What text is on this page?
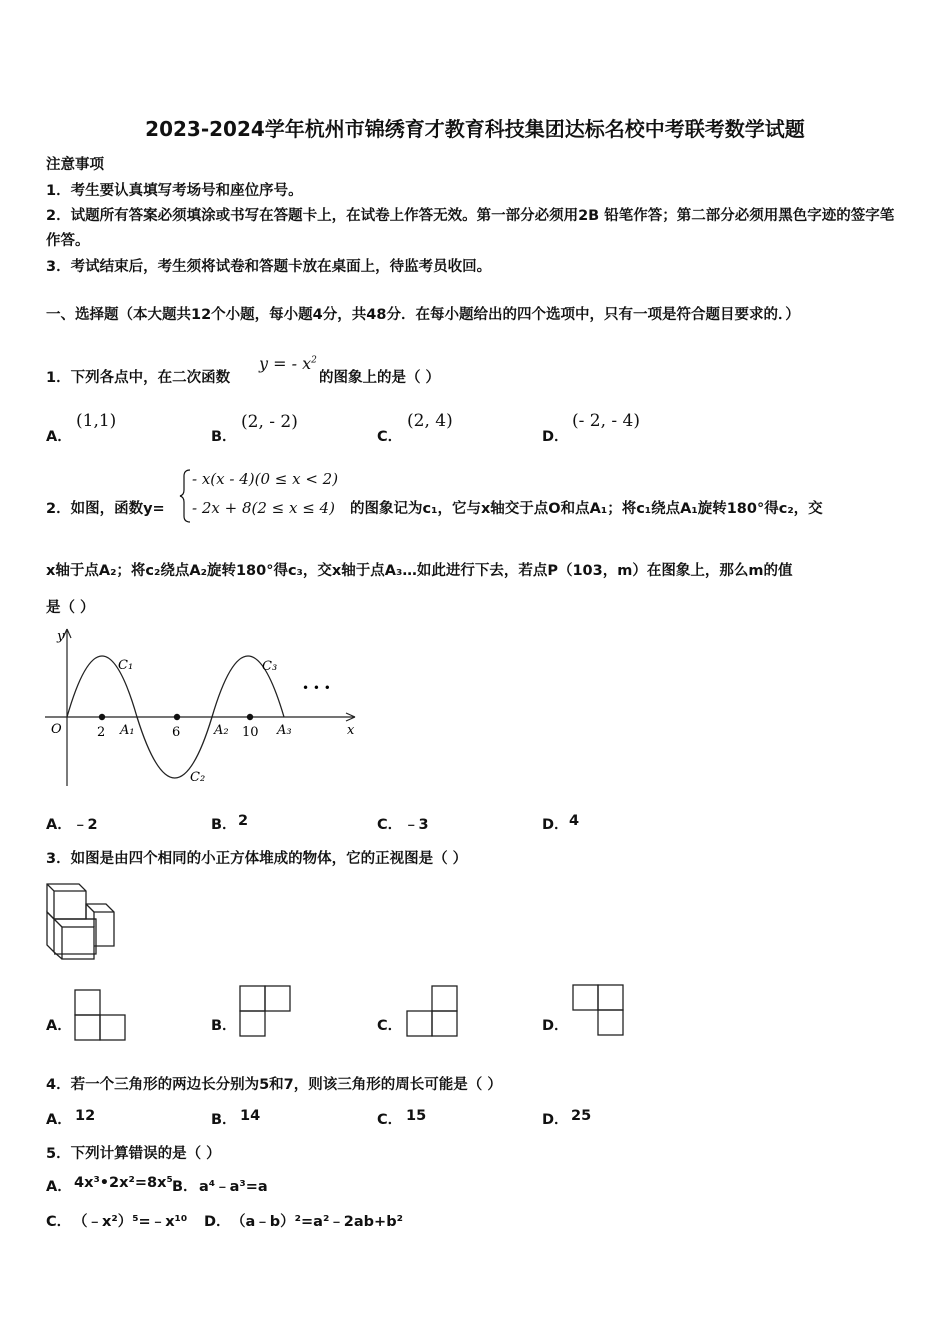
2023-2024学年杭州市锦绣育才教育科技集团达标名校中考联考数学试题
注意事项
1．考生要认真填写考场号和座位序号。
2．试题所有答案必须填涂或书写在答题卡上，在试卷上作答无效。第一部分必须用2B 铅笔作答；第二部分必须用黑色字迹的签字笔作答。
3．考试结束后，考生须将试卷和答题卡放在桌面上，待监考员收回。
一、选择题（本大题共12个小题，每小题4分，共48分．在每小题给出的四个选项中，只有一项是符合题目要求的．）
1．下列各点中，在二次函数
y = - $x^2$
的图象上的是（ ）
A．
(1,1)
B．
(2, - 2)
C．
(2, 4)
D．
(- 2, - 4)
2．如图，函数y=
- x(x - 4)(0 ≤ x < 2)
- 2x + 8(2 ≤ x ≤ 4) 的图象记为c₁，它与x轴交于点O和点A₁；将c₁绕点A₁旋转180°得c₂，交
x轴于点A₂；将c₂绕点A₂旋转180°得c₃，交x轴于点A₃…如此进行下去，若点P（103，m）在图象上，那么m的值
是（ ）
y
x
O	2	6	10
A₁	A₂	A₃
C₁
C₂
C₃
• • •
A． ﹣2	B． 2	C． ﹣3	D． 4
3．如图是由四个相同的小正方体堆成的物体，它的正视图是（ ）
A．	B．	C．	D．
4．若一个三角形的两边长分别为5和7，则该三角形的周长可能是（ ）
A． 12	B． 14	C． 15	D． 25
5．下列计算错误的是（ ）
A． 4x³•2x²=8x⁵ B． a⁴﹣a³=a
C． （﹣x²）⁵=﹣x¹⁰ D． （a﹣b）²=a²﹣2ab+b²
